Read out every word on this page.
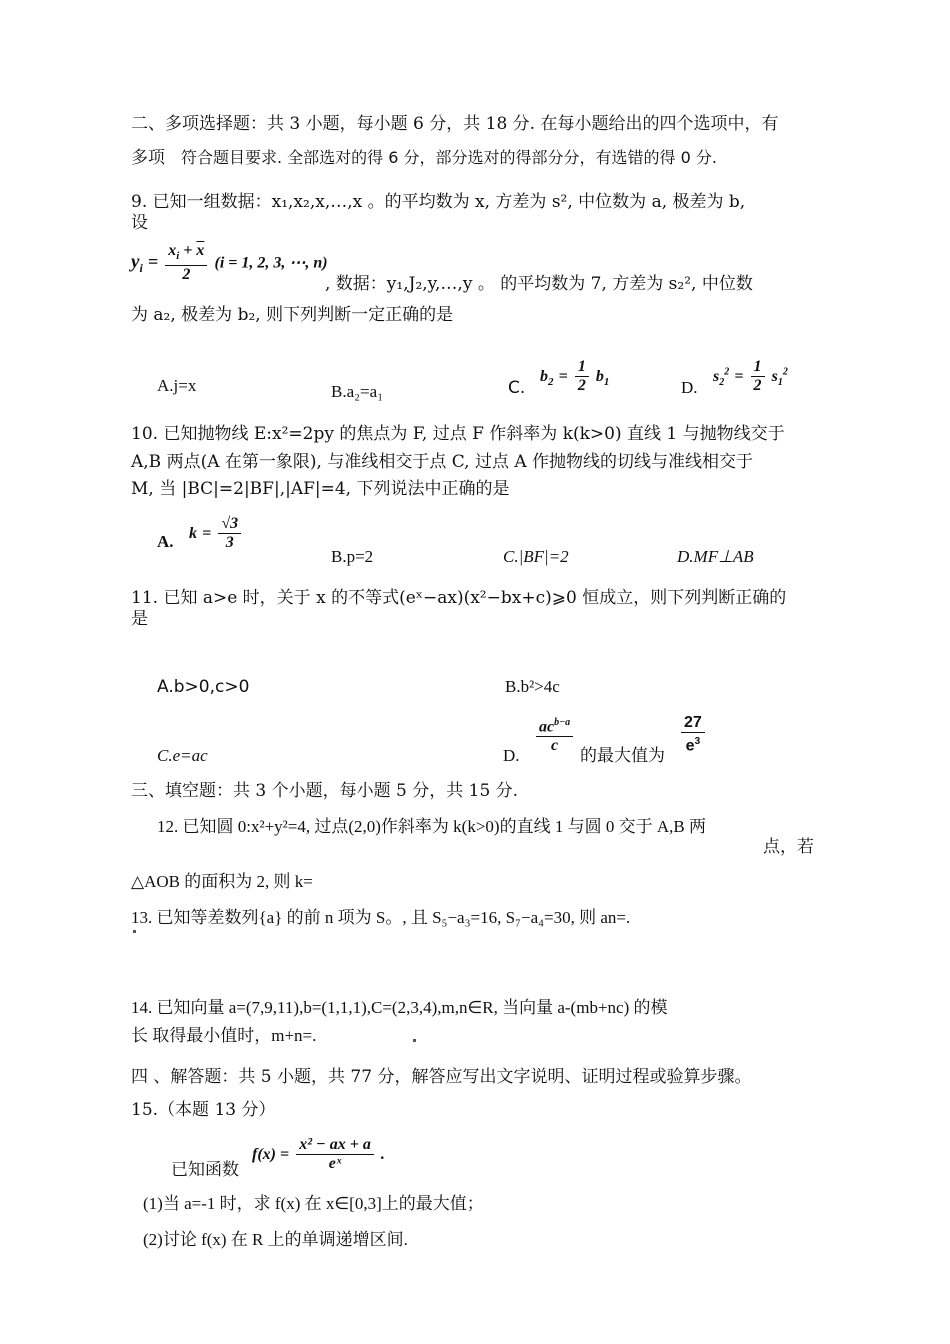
二、多项选择题：共 3 小题，每小题 6 分，共 18 分. 在每小题给出的四个选项中，有
多项 符合题目要求. 全部选对的得 6 分，部分选对的得部分分，有选错的得 0 分.
9. 已知一组数据：x₁,x₂,x,…,x 。的平均数为 x, 方差为 s², 中位数为 a, 极差为 b,
设
$y_i = \frac{x_i + \overline{x}}{2} (i = 1$, 2, 3, ⋯, n)
, 数据：y₁,J₂,y,…,y 。 的平均数为 7, 方差为 s₂², 中位数
为 a₂, 极差为 b₂, 则下列判断一定正确的是
A.j=x	B.a₂=a₁	C.
$b_2 = \frac{1}{2} b_1$	D.
$s_2^2 = \frac{1}{2} s_1^2$
10. 已知抛物线 E:x²=2py 的焦点为 F, 过点 F 作斜率为 k(k>0) 直线 1 与抛物线交于
A,B 两点(A 在第一象限), 与准线相交于点 C, 过点 A 作抛物线的切线与准线相交于
M, 当 |BC|=2|BF|,|AF|=4, 下列说法中正确的是
A. $k = \frac{√3}{3}$
B.p=2	C.|BF|=2	D.MF⊥AB
11. 已知 a>e 时，关于 x 的不等式(eˣ−ax)(x²−bx+c)⩾0 恒成立，则下列判断正确的
是
A.b>0,c>0	B.b²>4c
C.e=ac	D.
$\frac{ac^{b-a}}{c}$
的最大值为
$\frac{27}{e^3}$
三、填空题：共 3 个小题，每小题 5 分，共 15 分.
12. 已知圆 0:x²+y²=4, 过点(2,0)作斜率为 k(k>0)的直线 1 与圆 0 交于 A,B 两
点，若
△AOB 的面积为 2, 则 k=
13. 已知等差数列{a} 的前 n 项为 S。, 且 S₅−a₃=16, S₇−a₄=30, 则 an=.
14. 已知向量 a=(7,9,11),b=(1,1,1),C=(2,3,4),m,n∈R, 当向量 a-(mb+nc) 的模
长 取得最小值时，m+n=.
四 、解答题：共 5 小题，共 77 分，解答应写出文字说明、证明过程或验算步骤。
15.（本题 13 分）
已知函数
$f(x) = \frac{\text{x² − ax + a}}{\text{eˣ}}$ .
(1)当 a=-1 时，求 f(x) 在 x∈[0,3]上的最大值；
(2)讨论 f(x) 在 R 上的单调递增区间.
